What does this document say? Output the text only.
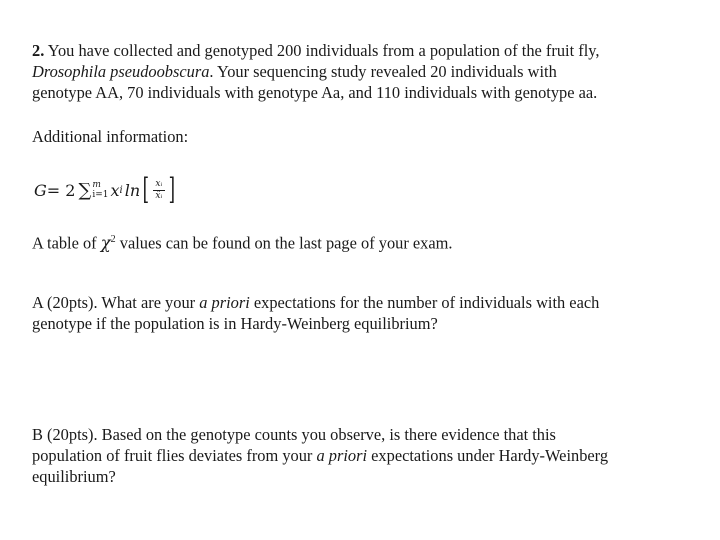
2. You have collected and genotyped 200 individuals from a population of the fruit fly,
Drosophila pseudoobscura. Your sequencing study revealed 20 individuals with
genotype AA, 70 individuals with genotype Aa, and 110 individuals with genotype aa.

Additional information:

G = 2 ∑ m
i=1 x i ln [ $\frac{\text{xᵢ}}{\text{x̂ᵢ}}$ ]

A table of $\chi^2$ values can be found on the last page of your exam.

A (20pts). What are your a priori expectations for the number of individuals with each
genotype if the population is in Hardy-Weinberg equilibrium?

B (20pts). Based on the genotype counts you observe, is there evidence that this
population of fruit flies deviates from your a priori expectations under Hardy-Weinberg
equilibrium?
